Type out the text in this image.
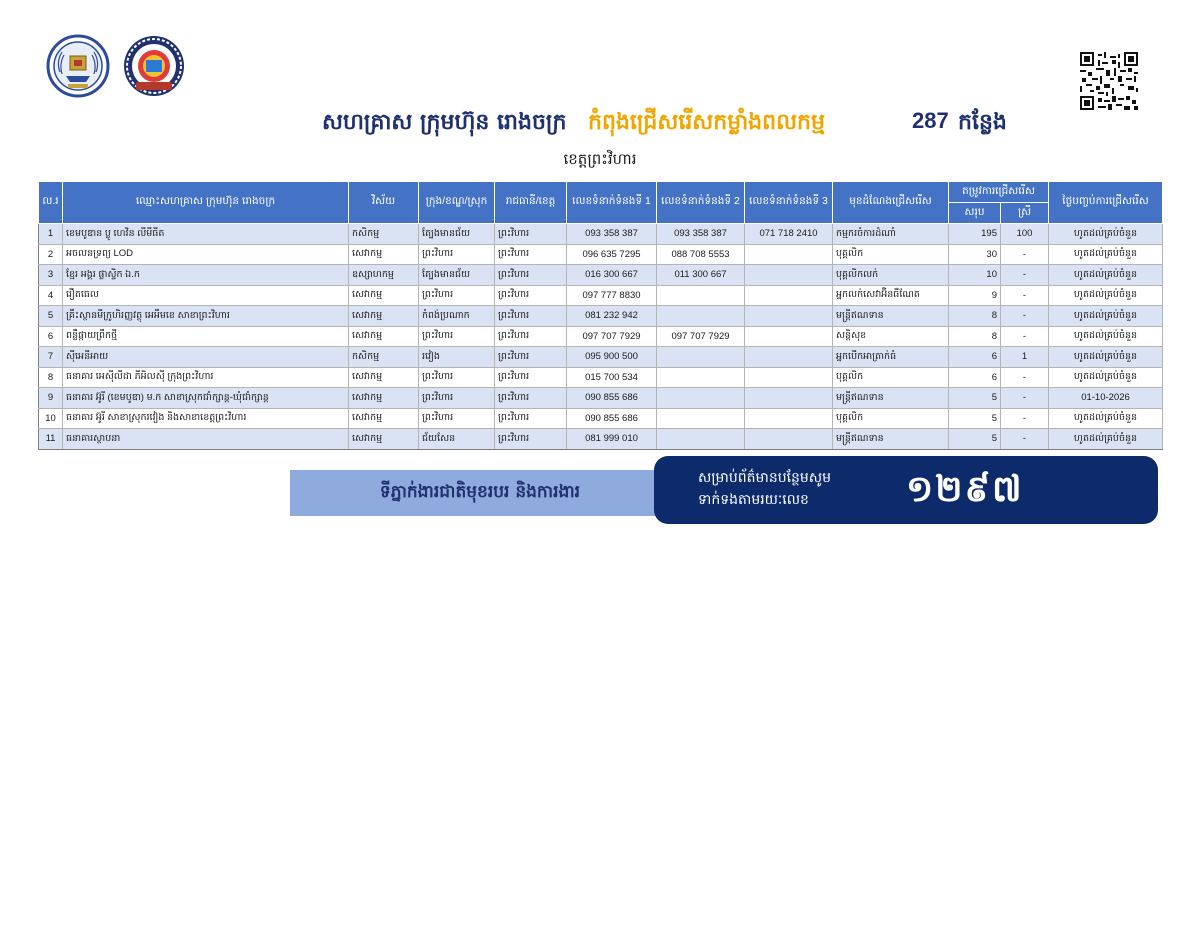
សហគ្រាស ក្រុមហ៊ុន រោងចក្រ កំពុងជ្រើសរើសកម្លាំងពលកម្ម	287 កន្លែង
ខេត្តព្រះវិហារ
ល.រ	ឈ្មោះសហគ្រាស ក្រុមហ៊ុន រោងចក្រ	វិស័យ	ក្រុង/ខណ្ឌ/ស្រុក	រាជធានី/ខេត្ត	លេខទំនាក់ទំនងទី 1	លេខទំនាក់ទំនងទី 2	លេខទំនាក់ទំនងទី 3	មុខដំណែងជ្រើសរើស	តម្រូវការជ្រើសរើស		ថ្ងៃបញ្ចប់ការជ្រើសរើស
									សរុប	ស្រី	
1	ខេមបូឌាន ប្លូ ហេវិន លីមីធីត	កសិកម្ម	ត្បែងមានជ័យ	ព្រះវិហារ	093 358 387	093 358 387	071 718 2410	កម្មករចំការដំណាំ	195	100	ហូតដល់គ្រប់ចំនួន
2	អចលនទ្រព្យ LOD	សេវាកម្ម	ព្រះវិហារ	ព្រះវិហារ	096 635 7295	088 708 5553		បុគ្គលិក	30	-	ហូតដល់គ្រប់ចំនួន
3	ខ្មែរ អង្គរ ផ្លាស្ទិក ឯ.ក	ឧស្សាហកម្ម	ត្បែងមានជ័យ	ព្រះវិហារ	016 300 667	011 300 667		បុគ្គលិកលក់	10	-	ហូតដល់គ្រប់ចំនួន
4	រឿតធេល	សេវាកម្ម	ព្រះវិហារ	ព្រះវិហារ	097 777 8830			អ្នកលក់សេវាអ៊ិនធឺណែត	9	-	ហូតដល់គ្រប់ចំនួន
5	គ្រឹះស្ថានមីក្រូហិរញ្ញវត្ថុ អេអឹមខេ សាខាព្រះវិហារ	សេវាកម្ម	កំពង់ប្រណាក	ព្រះវិហារ	081 232 942			មន្ត្រីឥណទាន	8	-	ហូតដល់គ្រប់ចំនួន
6	ពន្លឺផ្កាយព្រឹកថ្មី	សេវាកម្ម	ព្រះវិហារ	ព្រះវិហារ	097 707 7929	097 707 7929		សន្តិសុខ	8	-	ហូតដល់គ្រប់ចំនួន
7	ស៊ីអេនីអាយ	កសិកម្ម	រវៀង	ព្រះវិហារ	095 900 500			អ្នកបើកអាត្រាក់ធំ	6	1	ហូតដល់គ្រប់ចំនួន
8	ធនាគារ អេស៊ីលីដា ភីអិលស៊ី ក្រុងព្រះវិហារ	សេវាកម្ម	ព្រះវិហារ	ព្រះវិហារ	015 700 534			បុគ្គលិក	6	-	ហូតដល់គ្រប់ចំនួន
9	ធនាគារ អ៊ូរី (ខេមបូឌា) ម.ក សាខាស្រុកជាំក្សាន្ត-ឃុំជាំក្សាន្ត	សេវាកម្ម	ព្រះវិហារ	ព្រះវិហារ	090 855 686			មន្ត្រីឥណទាន	5	-	01-10-2026
10	ធនាគារ អ៊ូរី សាខាស្រុករវៀង និងសាខាខេត្តព្រះវិហារ	សេវាកម្ម	ព្រះវិហារ	ព្រះវិហារ	090 855 686			បុគ្គលិក	5	-	ហូតដល់គ្រប់ចំនួន
11	ធនាគារស្ថាបនា	សេវាកម្ម	ជ័យសែន	ព្រះវិហារ	081 999 010			មន្ត្រីឥណទាន	5	-	ហូតដល់គ្រប់ចំនួន
ទីភ្នាក់ងារជាតិមុខរបរ និងការងារ
សម្រាប់ព័ត៌មានបន្ថែមសូម
ទាក់ទងតាមរយៈលេខ	១២៩៧
